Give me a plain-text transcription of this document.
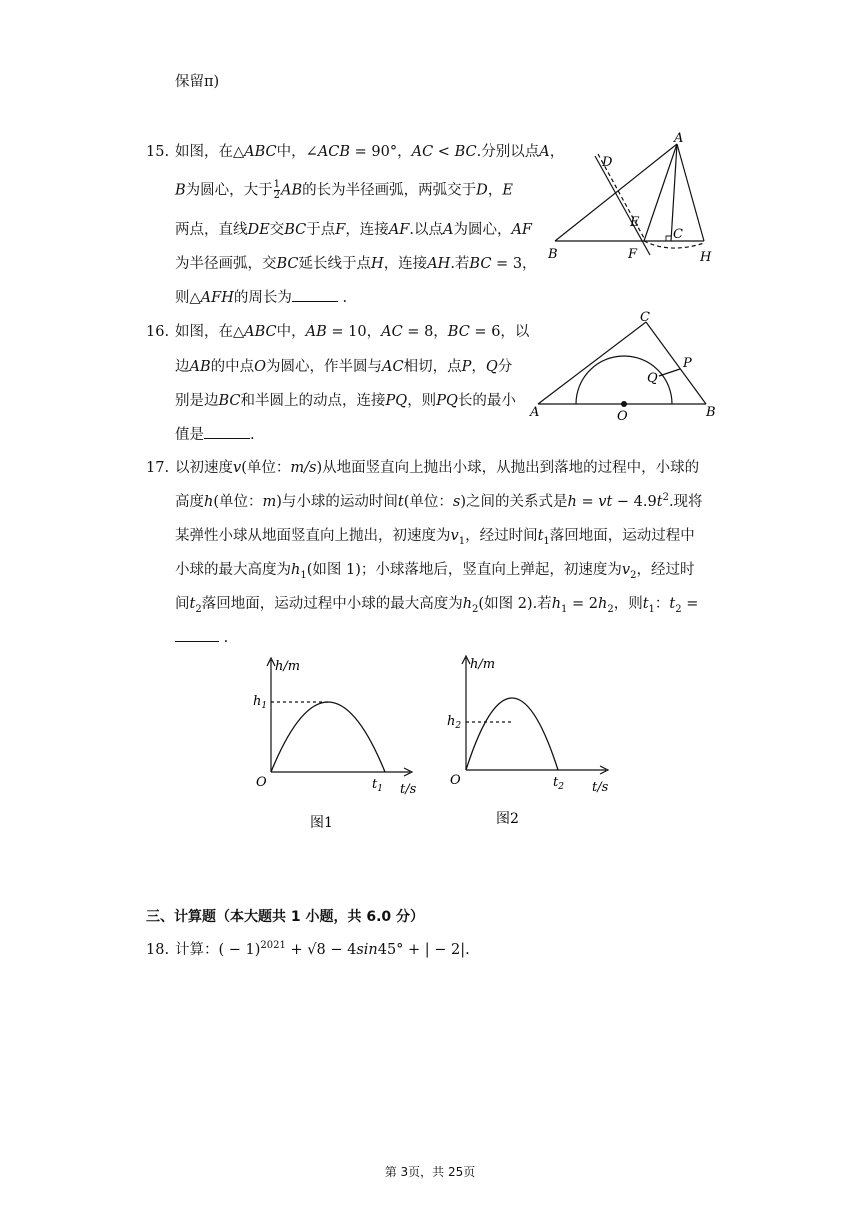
保留π)
15. 如图，在△ABC中，∠ACB = 90°，AC < BC.分别以点A，
B为圆心，大于 $\frac{1}{2}$ AB的长为半径画弧，两弧交于D，E
两点，直线DE交BC于点F，连接AF.以点A为圆心，AF
为半径画弧，交BC延长线于点H，连接AH.若BC = 3，
则△AFH的周长为	.
A
B
C
D
E
F	H
16. 如图，在△ABC中，AB = 10，AC = 8，BC = 6，以
边AB的中点O为圆心，作半圆与AC相切，点P，Q分
别是边BC和半圆上的动点，连接PQ，则PQ长的最小
值是	.
C
A	B
O
P
Q
17. 以初速度v(单位：m/s)从地面竖直向上抛出小球，从抛出到落地的过程中，小球的
高度h(单位：m)与小球的运动时间t(单位：s)之间的关系式是h = vt − $4.9t^2$.现将
某弹性小球从地面竖直向上抛出，初速度为$v_1$，经过时间$t_1$落回地面，运动过程中
小球的最大高度为$h_1$(如图 1)；小球落地后，竖直向上弹起，初速度为$v_2$，经过时
间$t_2$落回地面，运动过程中小球的最大高度为$h_2$(如图 2).若$h_1 = 2h_2$，则$t_1$：$t_2$ =
.
h/m
$h_1$
O	$t_1$ t/s
图1
h/m
$h_2$
O	$t_2$ t/s
图2
三、计算题（本大题共 1 小题，共 6.0 分）
18. 计算：( − 1)$^{2021}$ + √8 − 4sin45° + | − 2|.
第 3页，共 25页
